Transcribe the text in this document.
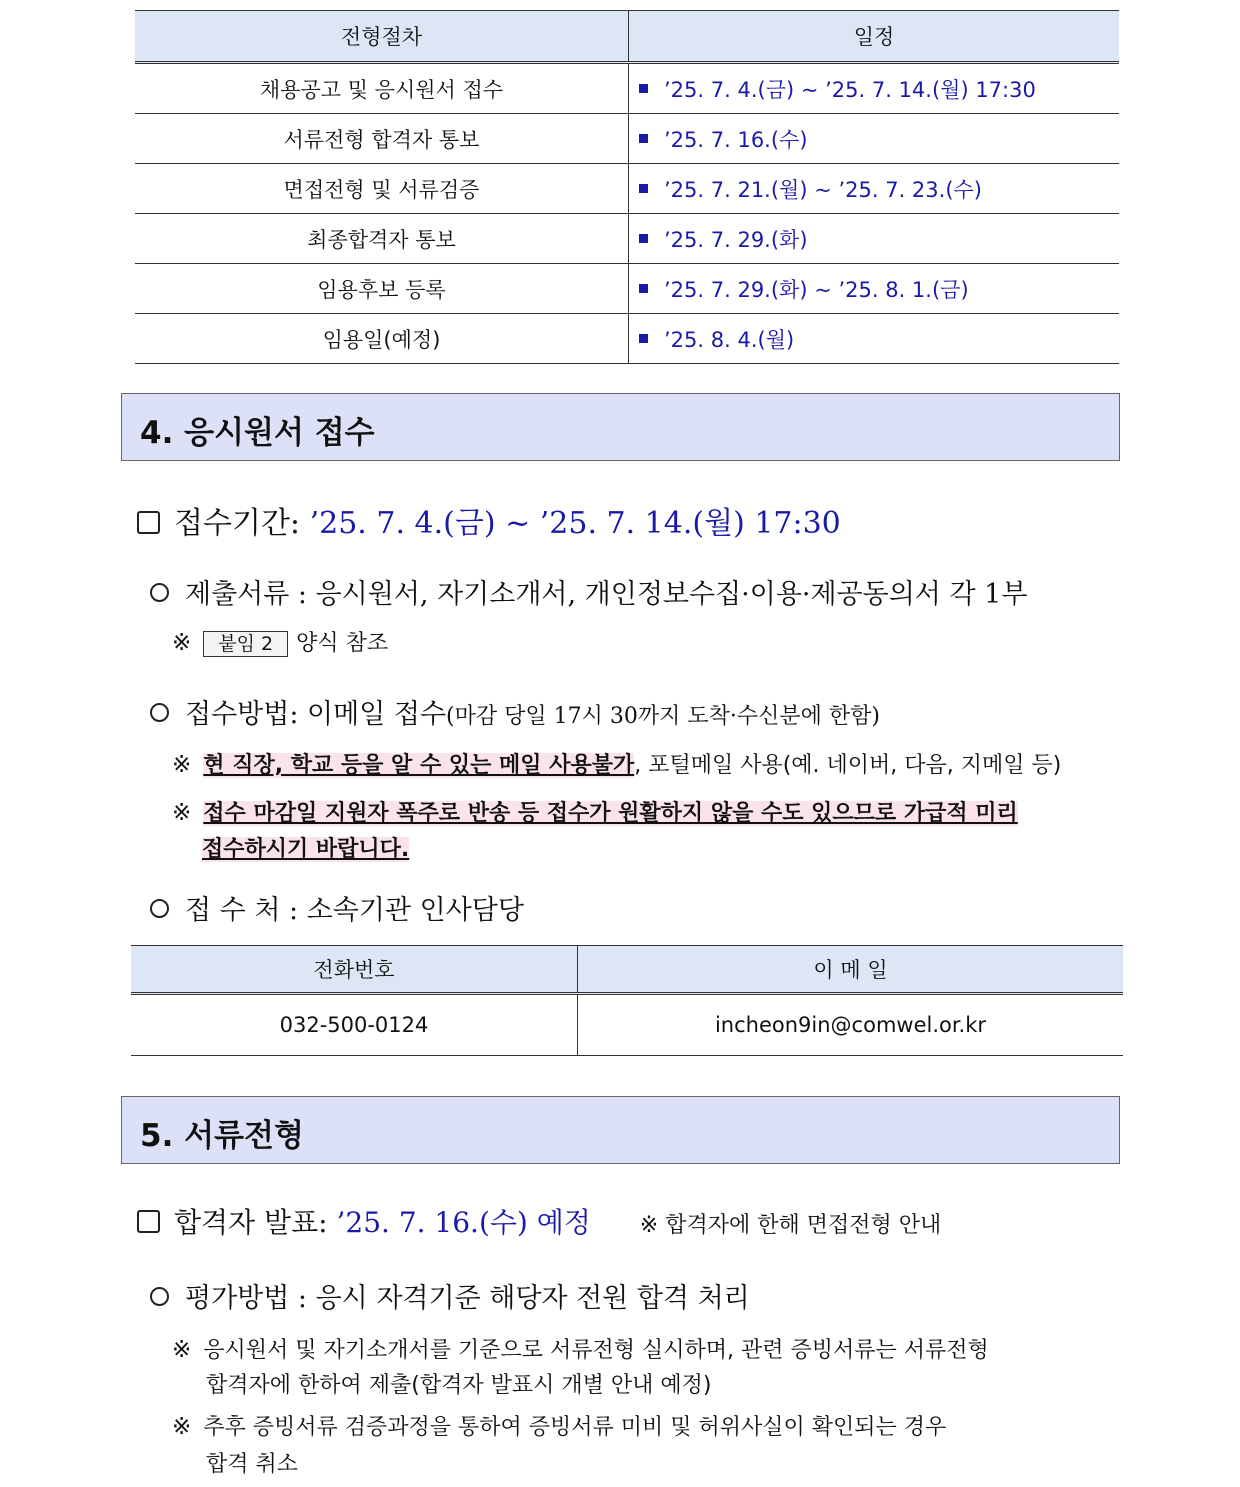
전형절차	일정
채용공고 및 응시원서 접수	’25. 7. 4.(금) ~ ’25. 7. 14.(월) 17:30
서류전형 합격자 통보	’25. 7. 16.(수)
면접전형 및 서류검증	’25. 7. 21.(월) ~ ’25. 7. 23.(수)
최종합격자 통보	’25. 7. 29.(화)
임용후보 등록	’25. 7. 29.(화) ~ ’25. 8. 1.(금)
임용일(예정)	’25. 8. 4.(월)
4. 응시원서 접수
접수기간: ’25. 7. 4.(금) ~ ’25. 7. 14.(월) 17:30
제출서류 : 응시원서, 자기소개서, 개인정보수집·이용·제공동의서 각 1부
※ 붙임 2 양식 참조
접수방법: 이메일 접수(마감 당일 17시 30까지 도착·수신분에 한함)
※ 현 직장, 학교 등을 알 수 있는 메일 사용불가, 포털메일 사용(예. 네이버, 다음, 지메일 등)
※ 접수 마감일 지원자 폭주로 반송 등 접수가 원활하지 않을 수도 있으므로 가급적 미리
접수하시기 바랍니다.
접 수 처 : 소속기관 인사담당
전화번호	이 메 일
032-500-0124	incheon9in@comwel.or.kr
5. 서류전형
합격자 발표: ’25. 7. 16.(수) 예정 ※ 합격자에 한해 면접전형 안내
평가방법 : 응시 자격기준 해당자 전원 합격 처리
※ 응시원서 및 자기소개서를 기준으로 서류전형 실시하며, 관련 증빙서류는 서류전형
합격자에 한하여 제출(합격자 발표시 개별 안내 예정)
※ 추후 증빙서류 검증과정을 통하여 증빙서류 미비 및 허위사실이 확인되는 경우
합격 취소
